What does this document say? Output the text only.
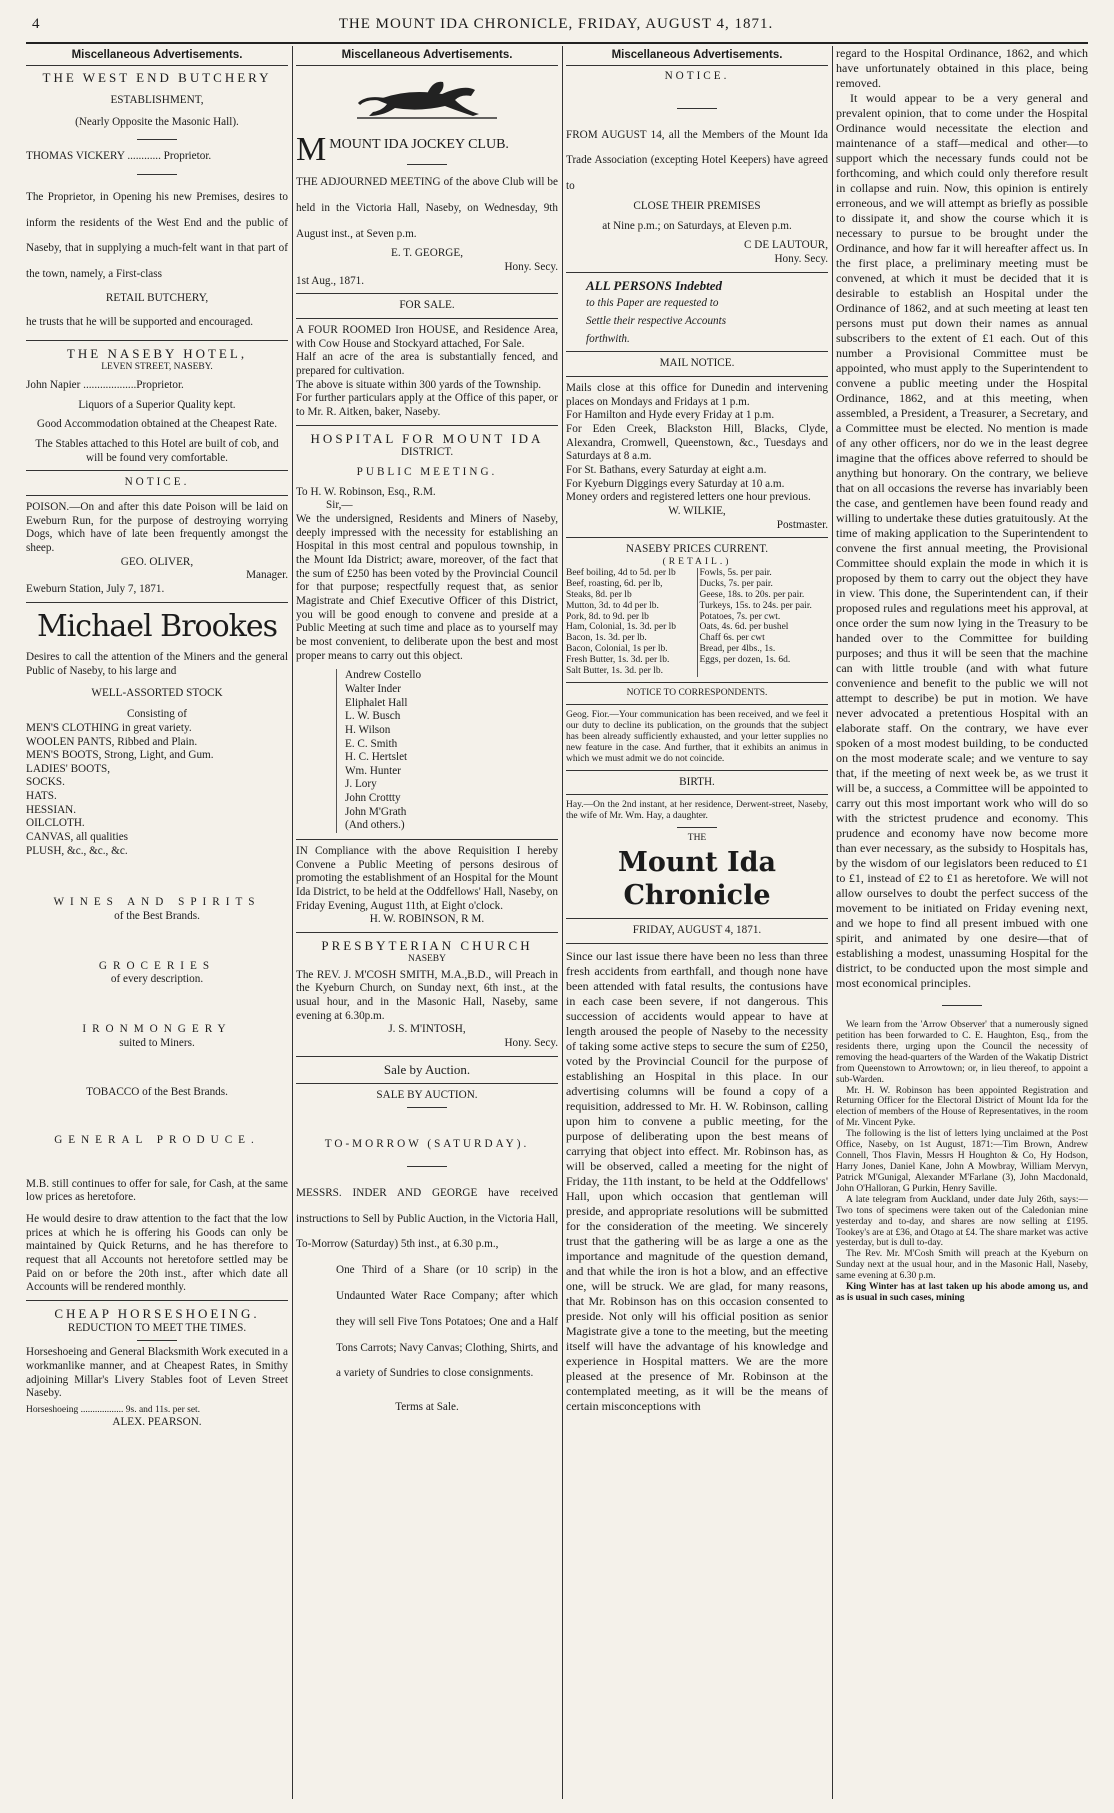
4	THE MOUNT IDA CHRONICLE, FRIDAY, AUGUST 4, 1871.
Miscellaneous Advertisements.
THE WEST END BUTCHERY
ESTABLISHMENT,
(Nearly Opposite the Masonic Hall).
THOMAS VICKERY ............ Proprietor.
The Proprietor, in Opening his new Premises, desires to inform the residents of the West End and the public of Naseby, that in supplying a much-felt want in that part of the town, namely, a First-class
RETAIL BUTCHERY,
he trusts that he will be supported and encouraged.
THE NASEBY HOTEL,
LEVEN STREET, NASEBY.
John Napier ...................Proprietor.
Liquors of a Superior Quality kept.
Good Accommodation obtained at the Cheapest Rate.
The Stables attached to this Hotel are built of cob, and will be found very comfortable.
NOTICE.
POISON.—On and after this date Poison will be laid on Eweburn Run, for the purpose of destroying worrying Dogs, which have of late been frequently amongst the sheep.
GEO. OLIVER,
Manager.
Eweburn Station, July 7, 1871.
Michael Brookes
Desires to call the attention of the Miners and the general Public of Naseby, to his large and
WELL-ASSORTED STOCK
Consisting of
MEN'S CLOTHING in great variety.
WOOLEN PANTS, Ribbed and Plain.
MEN'S BOOTS, Strong, Light, and Gum.
LADIES' BOOTS,
SOCKS.
HATS.
HESSIAN.
OILCLOTH.
CANVAS, all qualities
PLUSH, &c., &c., &c.
WINES AND SPIRITS
of the Best Brands.
GROCERIES
of every description.
IRONMONGERY
suited to Miners.
TOBACCO of the Best Brands.
GENERAL PRODUCE.
M.B. still continues to offer for sale, for Cash, at the same low prices as heretofore.
He would desire to draw attention to the fact that the low prices at which he is offering his Goods can only be maintained by Quick Returns, and he has therefore to request that all Accounts not heretofore settled may be Paid on or before the 20th inst., after which date all Accounts will be rendered monthly.
CHEAP HORSESHOEING.
REDUCTION TO MEET THE TIMES.
Horseshoeing and General Blacksmith Work executed in a workmanlike manner, and at Cheapest Rates, in Smithy adjoining Millar's Livery Stables foot of Leven Street Naseby.
Horseshoeing .................. 9s. and 11s. per set.
ALEX. PEARSON.
Miscellaneous Advertisements.
MMOUNT IDA JOCKEY CLUB.
THE ADJOURNED MEETING of the above Club will be held in the Victoria Hall, Naseby, on Wednesday, 9th August inst., at Seven p.m.
E. T. GEORGE,
Hony. Secy.
1st Aug., 1871.
FOR SALE.
A FOUR ROOMED Iron HOUSE, and Residence Area, with Cow House and Stockyard attached, For Sale.
Half an acre of the area is substantially fenced, and prepared for cultivation.
The above is situate within 300 yards of the Township.
For further particulars apply at the Office of this paper, or to Mr. R. Aitken, baker, Naseby.
HOSPITAL FOR MOUNT IDA
DISTRICT.
PUBLIC MEETING.
To H. W. Robinson, Esq., R.M.
Sir,—
We the undersigned, Residents and Miners of Naseby, deeply impressed with the necessity for establishing an Hospital in this most central and populous township, in the Mount Ida District; aware, moreover, of the fact that the sum of £250 has been voted by the Provincial Council for that purpose; respectfully request that, as senior Magistrate and Chief Executive Officer of this District, you will be good enough to convene and preside at a Public Meeting at such time and place as to yourself may be most convenient, to deliberate upon the best and most proper means to carry out this object.
Andrew Costello
Walter Inder
Eliphalet Hall
L. W. Busch
H. Wilson
E. C. Smith
H. C. Hertslet
Wm. Hunter
J. Lory
John Crottty
John M'Grath
(And others.)
IN Compliance with the above Requisition I hereby Convene a Public Meeting of persons desirous of promoting the establishment of an Hospital for the Mount Ida District, to be held at the Oddfellows' Hall, Naseby, on Friday Evening, August 11th, at Eight o'clock.
H. W. ROBINSON, R M.
PRESBYTERIAN CHURCH
NASEBY
The REV. J. M'COSH SMITH, M.A.,B.D., will Preach in the Kyeburn Church, on Sunday next, 6th inst., at the usual hour, and in the Masonic Hall, Naseby, same evening at 6.30p.m.
J. S. M'INTOSH,
Hony. Secy.
Sale by Auction.
SALE BY AUCTION.
TO-MORROW (SATURDAY).
MESSRS. INDER AND GEORGE have received instructions to Sell by Public Auction, in the Victoria Hall, To-Morrow (Saturday) 5th inst., at 6.30 p.m.,
One Third of a Share (or 10 scrip) in the Undaunted Water Race Company; after which they will sell Five Tons Potatoes; One and a Half Tons Carrots; Navy Canvas; Clothing, Shirts, and a variety of Sundries to close consignments.
Terms at Sale.
Miscellaneous Advertisements.
NOTICE.
FROM AUGUST 14, all the Members of the Mount Ida Trade Association (excepting Hotel Keepers) have agreed to
CLOSE THEIR PREMISES
at Nine p.m.; on Saturdays, at Eleven p.m.
C DE LAUTOUR,
Hony. Secy.
ALL PERSONS Indebted
to this Paper are requested to
Settle their respective Accounts
forthwith.
MAIL NOTICE.
Mails close at this office for Dunedin and intervening places on Mondays and Fridays at 1 p.m.
For Hamilton and Hyde every Friday at 1 p.m.
For Eden Creek, Blackston Hill, Blacks, Clyde, Alexandra, Cromwell, Queenstown, &c., Tuesdays and Saturdays at 8 a.m.
For St. Bathans, every Saturday at eight a.m.
For Kyeburn Diggings every Saturday at 10 a.m.
Money orders and registered letters one hour previous.
W. WILKIE,
Postmaster.
NASEBY PRICES CURRENT.
(RETAIL.)
Beef boiling, 4d to 5d. per lb
Beef, roasting, 6d. per lb,
Steaks, 8d. per lb
Mutton, 3d. to 4d per lb.
Pork, 8d. to 9d. per lb
Ham, Colonial, 1s. 3d. per lb
Bacon, 1s. 3d. per lb.
Bacon, Colonial, 1s per lb.
Fresh Butter, 1s. 3d. per lb.
Salt Butter, 1s. 3d. per lb.
Fowls, 5s. per pair.
Ducks, 7s. per pair.
Geese, 18s. to 20s. per pair.
Turkeys, 15s. to 24s. per pair.
Potatoes, 7s. per cwt.
Oats, 4s. 6d. per bushel
Chaff 6s. per cwt
Bread, per 4lbs., 1s.
Eggs, per dozen, 1s. 6d.
NOTICE TO CORRESPONDENTS.
Geog. Fior.—Your communication has been received, and we feel it our duty to decline its publication, on the grounds that the subject has been already sufficiently exhausted, and your letter supplies no new feature in the case. And further, that it exhibits an animus in which we must admit we do not coincide.
BIRTH.
Hay.—On the 2nd instant, at her residence, Derwent-street, Naseby, the wife of Mr. Wm. Hay, a daughter.
THE
Mount Ida Chronicle
FRIDAY, AUGUST 4, 1871.
Since our last issue there have been no less than three fresh accidents from earthfall, and though none have been attended with fatal results, the contusions have in each case been severe, if not dangerous. This succession of accidents would appear to have at length aroused the people of Naseby to the necessity of taking some active steps to secure the sum of £250, voted by the Provincial Council for the purpose of establishing an Hospital in this place. In our advertising columns will be found a copy of a requisition, addressed to Mr. H. W. Robinson, calling upon him to convene a public meeting, for the purpose of deliberating upon the best means of carrying that object into effect. Mr. Robinson has, as will be observed, called a meeting for the night of Friday, the 11th instant, to be held at the Oddfellows' Hall, upon which occasion that gentleman will preside, and appropriate resolutions will be submitted for the consideration of the meeting. We sincerely trust that the gathering will be as large a one as the importance and magnitude of the question demand, and that while the iron is hot a blow, and an effective one, will be struck. We are glad, for many reasons, that Mr. Robinson has on this occasion consented to preside. Not only will his official position as senior Magistrate give a tone to the meeting, but the meeting itself will have the advantage of his knowledge and experience in Hospital matters. We are the more pleased at the presence of Mr. Robinson at the contemplated meeting, as it will be the means of certain misconceptions with
regard to the Hospital Ordinance, 1862, and which have unfortunately obtained in this place, being removed.
It would appear to be a very general and prevalent opinion, that to come under the Hospital Ordinance would necessitate the election and maintenance of a staff—medical and other—to support which the necessary funds could not be forthcoming, and which could only therefore result in collapse and ruin. Now, this opinion is entirely erroneous, and we will attempt as briefly as possible to dissipate it, and show the course which it is necessary to pursue to be brought under the Ordinance, and how far it will hereafter affect us. In the first place, a preliminary meeting must be convened, at which it must be decided that it is desirable to establish an Hospital under the Ordinance of 1862, and at such meeting at least ten persons must put down their names as annual subscribers to the extent of £1 each. Out of this number a Provisional Committee must be appointed, who must apply to the Superintendent to convene a public meeting under the Hospital Ordinance, 1862, and at this meeting, when assembled, a President, a Treasurer, a Secretary, and a Committee must be elected. No mention is made of any other officers, nor do we in the least degree imagine that the offices above referred to should be anything but honorary. On the contrary, we believe that on all occasions the reverse has invariably been the case, and gentlemen have been found ready and willing to undertake these duties gratuitously. At the time of making application to the Superintendent to convene the first annual meeting, the Provisional Committee should explain the mode in which it is proposed by them to carry out the object they have in view. This done, the Superintendent can, if their proposed rules and regulations meet his approval, at once order the sum now lying in the Treasury to be handed over to the Committee for building purposes; and thus it will be seen that the machine can with little trouble (and with what future convenience and benefit to the public we will not attempt to describe) be put in motion. We have never advocated a pretentious Hospital with an elaborate staff. On the contrary, we have ever spoken of a most modest building, to be conducted on the most moderate scale; and we venture to say that, if the meeting of next week be, as we trust it will be, a success, a Committee will be appointed to carry out this most important work who will do so with the strictest prudence and economy. This prudence and economy have now become more than ever necessary, as the subsidy to Hospitals has, by the wisdom of our legislators been reduced to £1 to £1, instead of £2 to £1 as heretofore. We will not allow ourselves to doubt the perfect success of the movement to be initiated on Friday evening next, and we hope to find all present imbued with one spirit, and animated by one desire—that of establishing a modest, unassuming Hospital for the district, to be conducted upon the most simple and most economical principles.
We learn from the 'Arrow Observer' that a numerously signed petition has been forwarded to C. E. Haughton, Esq., from the residents there, urging upon the Council the necessity of removing the head-quarters of the Warden of the Wakatip District from Queenstown to Arrowtown; or, in lieu thereof, to appoint a sub-Warden.
Mr. H. W. Robinson has been appointed Registration and Returning Officer for the Electoral District of Mount Ida for the election of members of the House of Representatives, in the room of Mr. Vincent Pyke.
The following is the list of letters lying unclaimed at the Post Office, Naseby, on 1st August, 1871:—Tim Brown, Andrew Connell, Thos Flavin, Messrs H Houghton & Co, Hy Hodson, Harry Jones, Daniel Kane, John A Mowbray, William Mervyn, Patrick M'Gunigal, Alexander M'Farlane (3), John Macdonald, John O'Halloran, G Purkin, Henry Saville.
A late telegram from Auckland, under date July 26th, says:—Two tons of specimens were taken out of the Caledonian mine yesterday and to-day, and shares are now selling at £195. Tookey's are at £36, and Otago at £4. The share market was active yesterday, but is dull to-day.
The Rev. Mr. M'Cosh Smith will preach at the Kyeburn on Sunday next at the usual hour, and in the Masonic Hall, Naseby, same evening at 6.30 p.m.
King Winter has at last taken up his abode among us, and as is usual in such cases, mining
